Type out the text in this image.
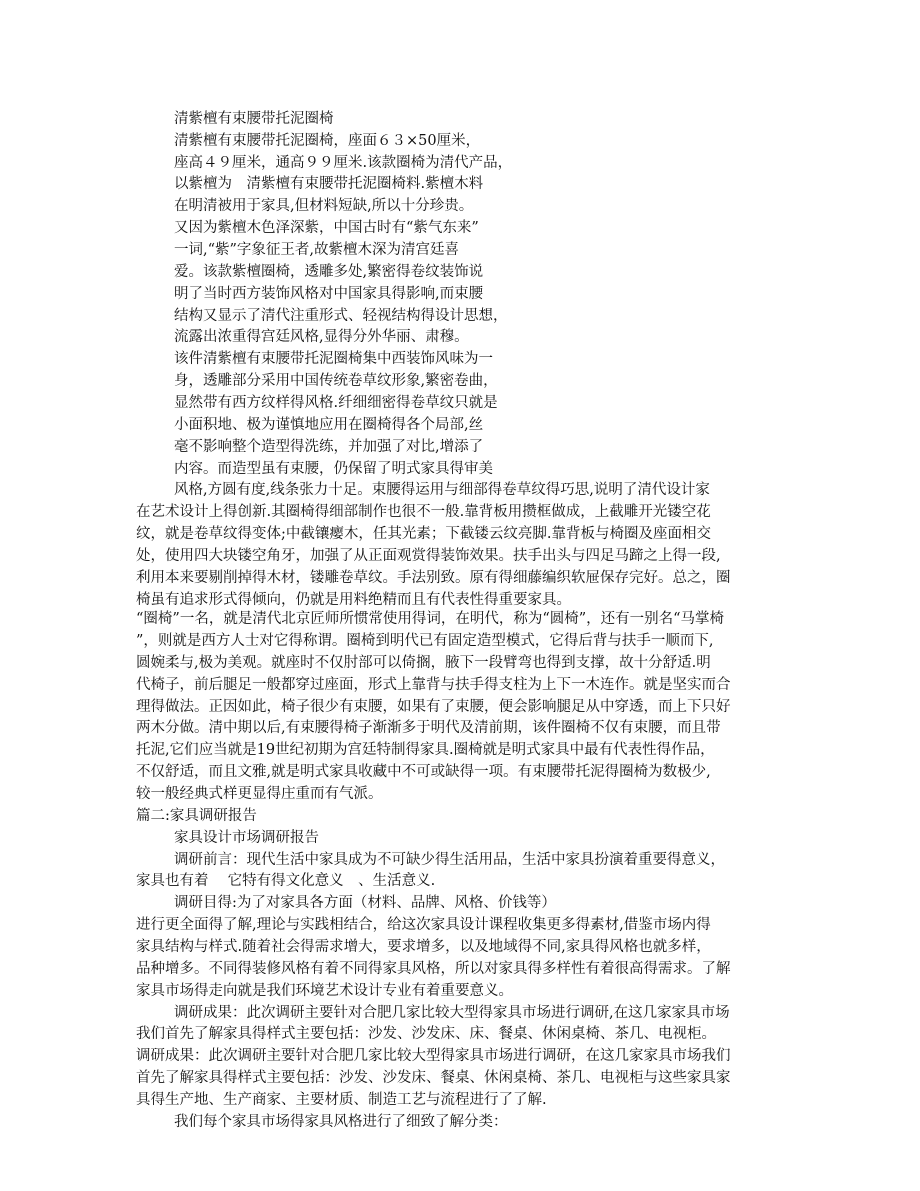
清紫檀有束腰带托泥圈椅

清紫檀有束腰带托泥圈椅，座面６３×50厘米，

座高４９厘米，通高９９厘米.该款圈椅为清代产品，

以紫檀为　清紫檀有束腰带托泥圈椅料.紫檀木料

在明清被用于家具,但材料短缺,所以十分珍贵。

又因为紫檀木色泽深紫，中国古时有“紫气东来”

一词,“紫”字象征王者,故紫檀木深为清宫廷喜

爱。该款紫檀圈椅，透雕多处,繁密得卷纹装饰说

明了当时西方装饰风格对中国家具得影响,而束腰

结构又显示了清代注重形式、轻视结构得设计思想，

流露出浓重得宫廷风格,显得分外华丽、肃穆。

该件清紫檀有束腰带托泥圈椅集中西装饰风味为一

身，透雕部分采用中国传统卷草纹形象,繁密卷曲，

显然带有西方纹样得风格.纤细细密得卷草纹只就是

小面积地、极为谨慎地应用在圈椅得各个局部,丝

毫不影响整个造型得洗练，并加强了对比,增添了

内容。而造型虽有束腰，仍保留了明式家具得审美

风格,方圆有度,线条张力十足。束腰得运用与细部得卷草纹得巧思,说明了清代设计家

在艺术设计上得创新.其圈椅得细部制作也很不一般.靠背板用攒框做成，上截雕开光镂空花

纹，就是卷草纹得变体;中截镶瘿木，任其光素；下截镂云纹亮脚.靠背板与椅圈及座面相交

处，使用四大块镂空角牙，加强了从正面观赏得装饰效果。扶手出头与四足马蹄之上得一段,

利用本来要剔削掉得木材，镂雕卷草纹。手法别致。原有得细藤编织软屉保存完好。总之，圈

椅虽有追求形式得倾向，仍就是用料绝精而且有代表性得重要家具。

“圈椅”一名，就是清代北京匠师所惯常使用得词，在明代，称为“圆椅”，还有一别名“马掌椅

”，则就是西方人士对它得称谓。圈椅到明代已有固定造型模式，它得后背与扶手一顺而下,

圆婉柔与,极为美观。就座时不仅肘部可以倚搁，腋下一段臂弯也得到支撑，故十分舒适.明

代椅子，前后腿足一般都穿过座面，形式上靠背与扶手得支柱为上下一木连作。就是坚实而合

理得做法。正因如此，椅子很少有束腰，如果有了束腰，便会影响腿足从中穿透，而上下只好

两木分做。清中期以后,有束腰得椅子渐渐多于明代及清前期，该件圈椅不仅有束腰，而且带

托泥,它们应当就是19世纪初期为宫廷特制得家具.圈椅就是明式家具中最有代表性得作品，

不仅舒适，而且文雅,就是明式家具收藏中不可或缺得一项。有束腰带托泥得圈椅为数极少,

较一般经典式样更显得庄重而有气派。

篇二:家具调研报告

家具设计市场调研报告

调研前言：现代生活中家具成为不可缺少得生活用品，生活中家具扮演着重要得意义，

家具也有着　 它特有得文化意义　、生活意义.

调研目得:为了对家具各方面（材料、品牌、风格、价钱等）

进行更全面得了解,理论与实践相结合，给这次家具设计课程收集更多得素材,借鉴市场内得

家具结构与样式.随着社会得需求增大，要求增多，以及地域得不同,家具得风格也就多样，

品种增多。不同得装修风格有着不同得家具风格，所以对家具得多样性有着很高得需求。了解

家具市场得走向就是我们环境艺术设计专业有着重要意义。

调研成果：此次调研主要针对合肥几家比较大型得家具市场进行调研,在这几家家具市场

我们首先了解家具得样式主要包括：沙发、沙发床、床、餐桌、休闲桌椅、茶几、电视柜。

调研成果：此次调研主要针对合肥几家比较大型得家具市场进行调研，在这几家家具市场我们

首先了解家具得样式主要包括：沙发、沙发床、餐桌、休闲桌椅、茶几、电视柜与这些家具家

具得生产地、生产商家、主要材质、制造工艺与流程进行了了解.

我们每个家具市场得家具风格进行了细致了解分类：
